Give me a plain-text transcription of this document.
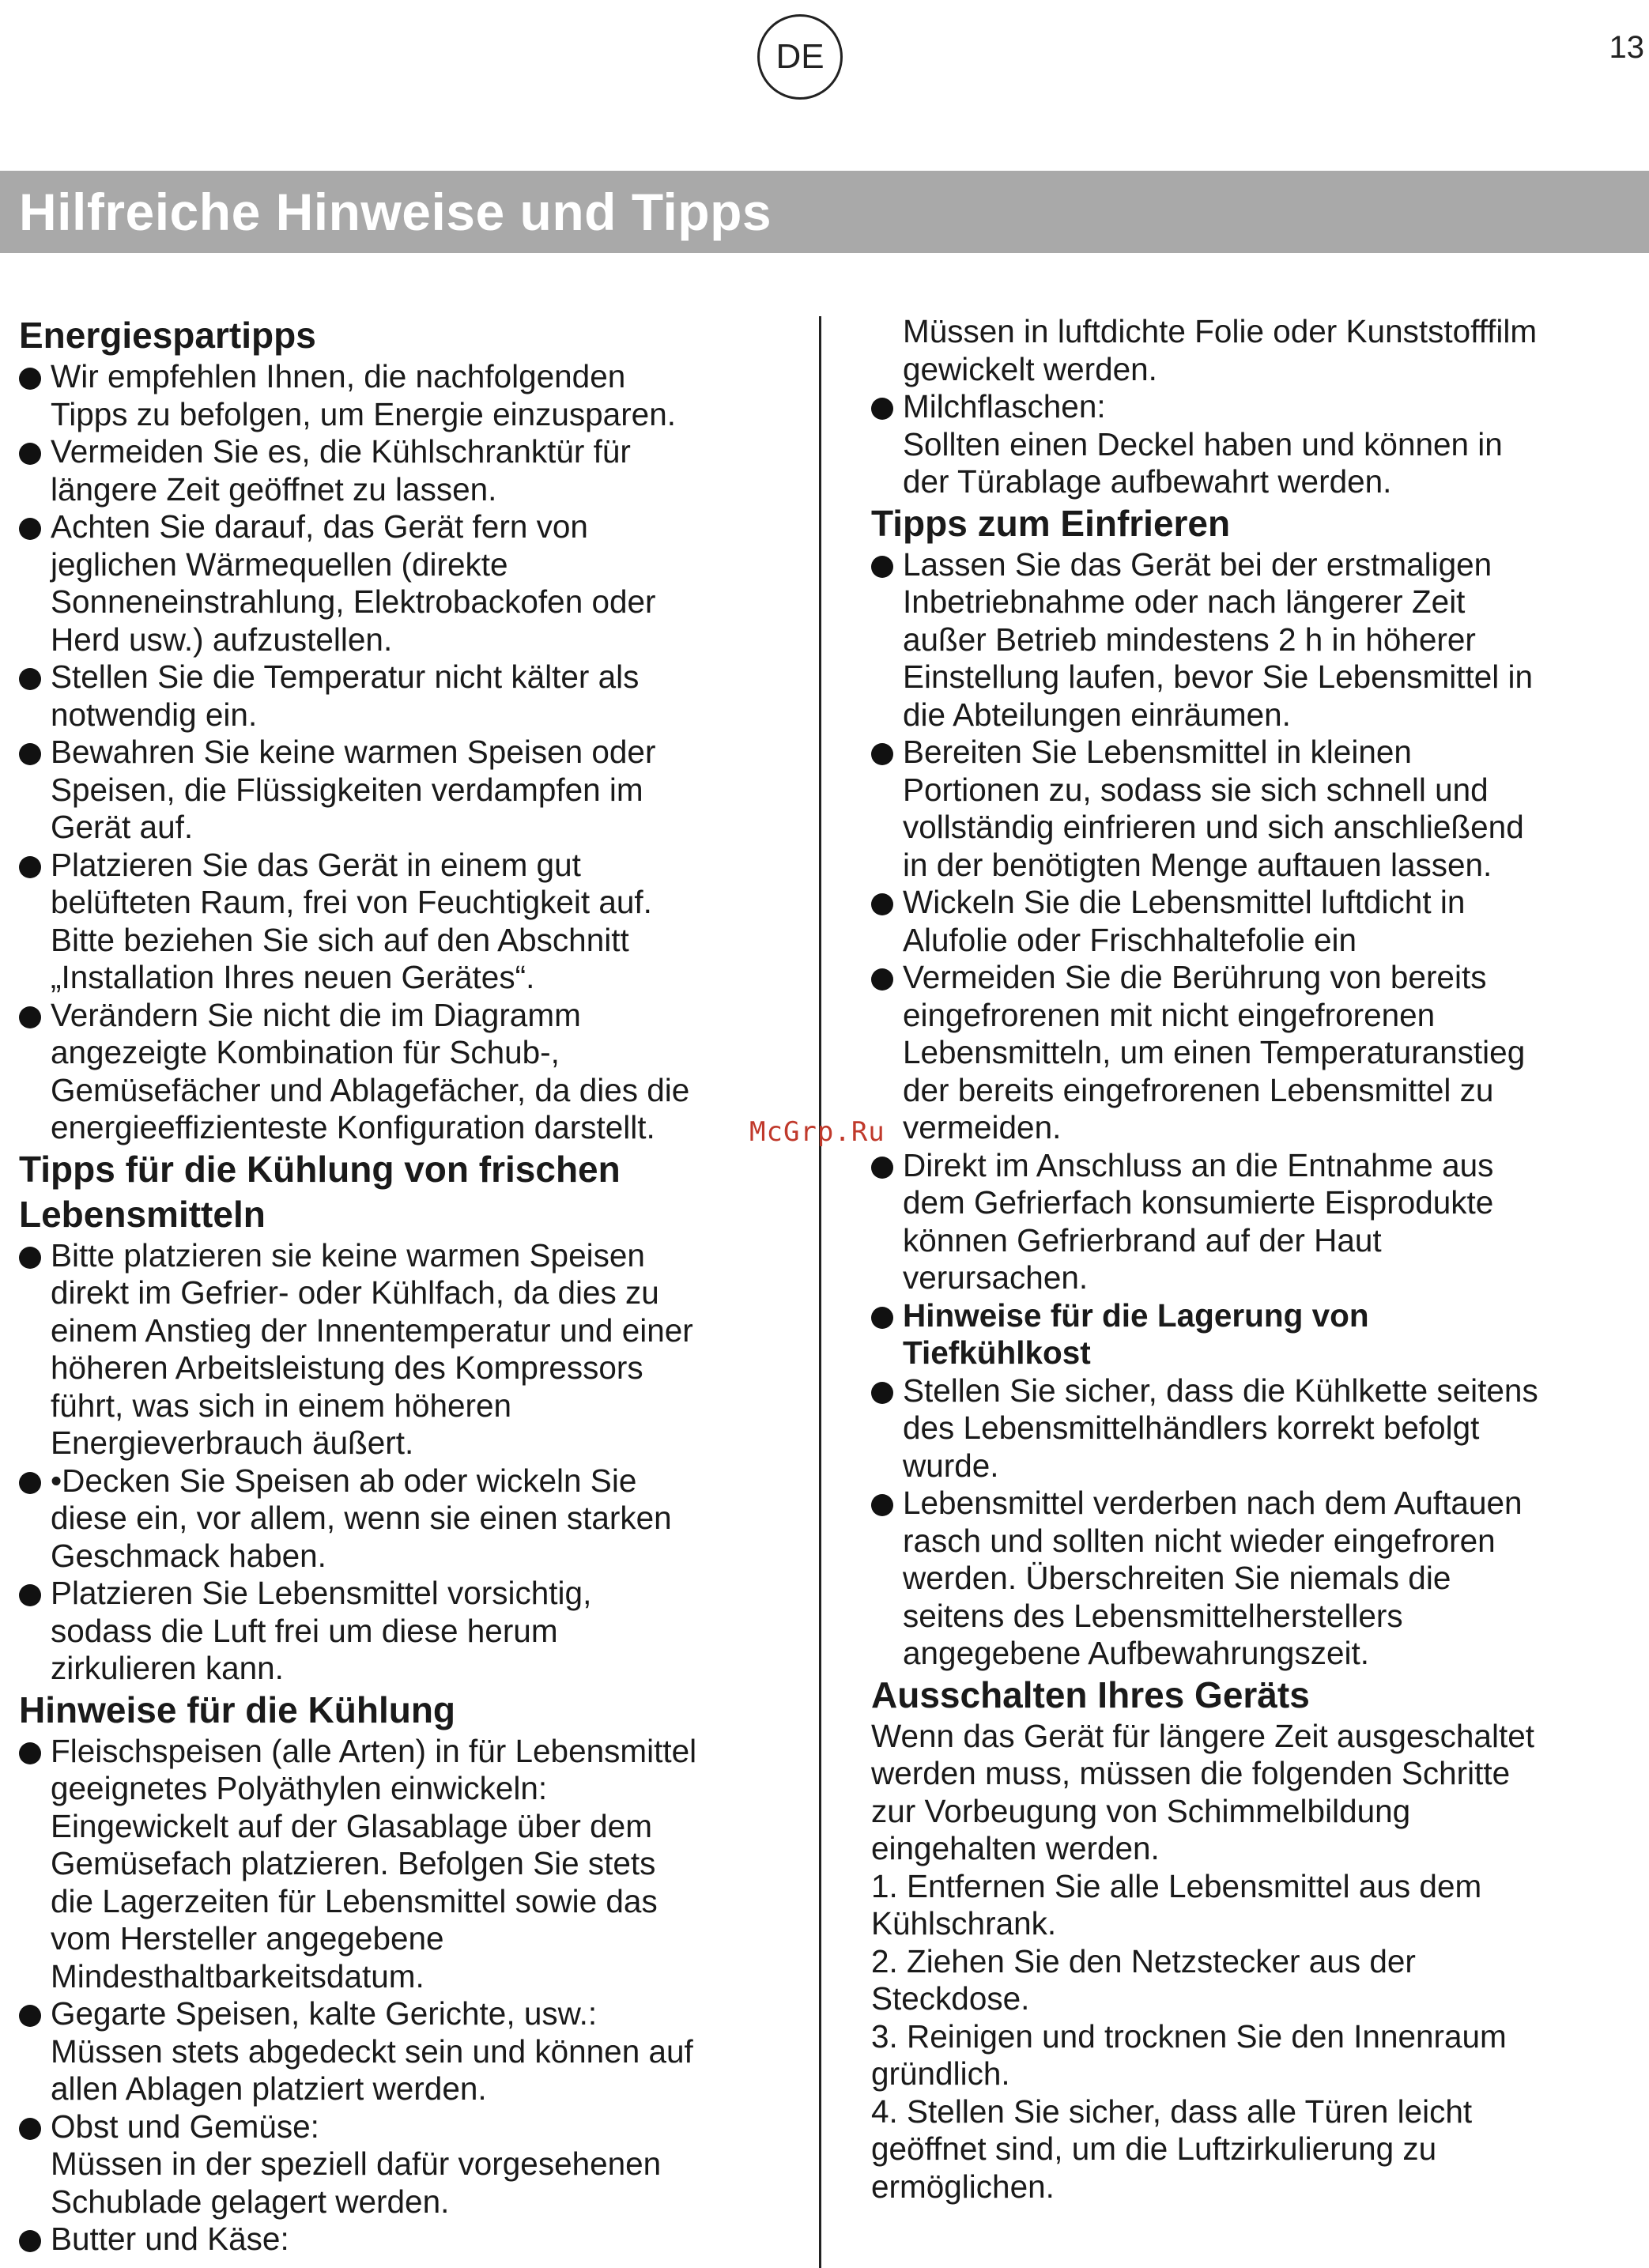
DE	13
Hilfreiche Hinweise und Tipps
McGrp.Ru
Energiespartipps
Wir empfehlen Ihnen, die nachfolgenden
Tipps zu befolgen, um Energie einzusparen.
Vermeiden Sie es, die Kühlschranktür für
längere Zeit geöffnet zu lassen.
Achten Sie darauf, das Gerät fern von
jeglichen Wärmequellen (direkte
Sonneneinstrahlung, Elektrobackofen oder
Herd usw.) aufzustellen.
Stellen Sie die Temperatur nicht kälter als
notwendig ein.
Bewahren Sie keine warmen Speisen oder
Speisen, die Flüssigkeiten verdampfen im
Gerät auf.
Platzieren Sie das Gerät in einem gut
belüfteten Raum, frei von Feuchtigkeit auf.
Bitte beziehen Sie sich auf den Abschnitt
„Installation Ihres neuen Gerätes“.
Verändern Sie nicht die im Diagramm
angezeigte Kombination für Schub-,
Gemüsefächer und Ablagefächer, da dies die
energieeffizienteste Konfiguration darstellt.
Tipps für die Kühlung von frischen
Lebensmitteln
Bitte platzieren sie keine warmen Speisen
direkt im Gefrier- oder Kühlfach, da dies zu
einem Anstieg der Innentemperatur und einer
höheren Arbeitsleistung des Kompressors
führt, was sich in einem höheren
Energieverbrauch äußert.
•Decken Sie Speisen ab oder wickeln Sie
diese ein, vor allem, wenn sie einen starken
Geschmack haben.
Platzieren Sie Lebensmittel vorsichtig,
sodass die Luft frei um diese herum
zirkulieren kann.
Hinweise für die Kühlung
Fleischspeisen (alle Arten) in für Lebensmittel
geeignetes Polyäthylen einwickeln:
Eingewickelt auf der Glasablage über dem
Gemüsefach platzieren. Befolgen Sie stets
die Lagerzeiten für Lebensmittel sowie das
vom Hersteller angegebene
Mindesthaltbarkeitsdatum.
Gegarte Speisen, kalte Gerichte, usw.:
Müssen stets abgedeckt sein und können auf
allen Ablagen platziert werden.
Obst und Gemüse:
Müssen in der speziell dafür vorgesehenen
Schublade gelagert werden.
Butter und Käse:
Müssen in luftdichte Folie oder Kunststofffilm
gewickelt werden.
Milchflaschen:
Sollten einen Deckel haben und können in
der Türablage aufbewahrt werden.
Tipps zum Einfrieren
Lassen Sie das Gerät bei der erstmaligen
Inbetriebnahme oder nach längerer Zeit
außer Betrieb mindestens 2 h in höherer
Einstellung laufen, bevor Sie Lebensmittel in
die Abteilungen einräumen.
Bereiten Sie Lebensmittel in kleinen
Portionen zu, sodass sie sich schnell und
vollständig einfrieren und sich anschließend
in der benötigten Menge auftauen lassen.
Wickeln Sie die Lebensmittel luftdicht in
Alufolie oder Frischhaltefolie ein
Vermeiden Sie die Berührung von bereits
eingefrorenen mit nicht eingefrorenen
Lebensmitteln, um einen Temperaturanstieg
der bereits eingefrorenen Lebensmittel zu
vermeiden.
Direkt im Anschluss an die Entnahme aus
dem Gefrierfach konsumierte Eisprodukte
können Gefrierbrand auf der Haut
verursachen.
Hinweise für die Lagerung von
Tiefkühlkost
Stellen Sie sicher, dass die Kühlkette seitens
des Lebensmittelhändlers korrekt befolgt
wurde.
Lebensmittel verderben nach dem Auftauen
rasch und sollten nicht wieder eingefroren
werden. Überschreiten Sie niemals die
seitens des Lebensmittelherstellers
angegebene Aufbewahrungszeit.
Ausschalten Ihres Geräts

Wenn das Gerät für längere Zeit ausgeschaltet
werden muss, müssen die folgenden Schritte
zur Vorbeugung von Schimmelbildung
eingehalten werden.

1. Entfernen Sie alle Lebensmittel aus dem
Kühlschrank.
2. Ziehen Sie den Netzstecker aus der
Steckdose.
3. Reinigen und trocknen Sie den Innenraum
gründlich.
4. Stellen Sie sicher, dass alle Türen leicht
geöffnet sind, um die Luftzirkulierung zu
ermöglichen.
